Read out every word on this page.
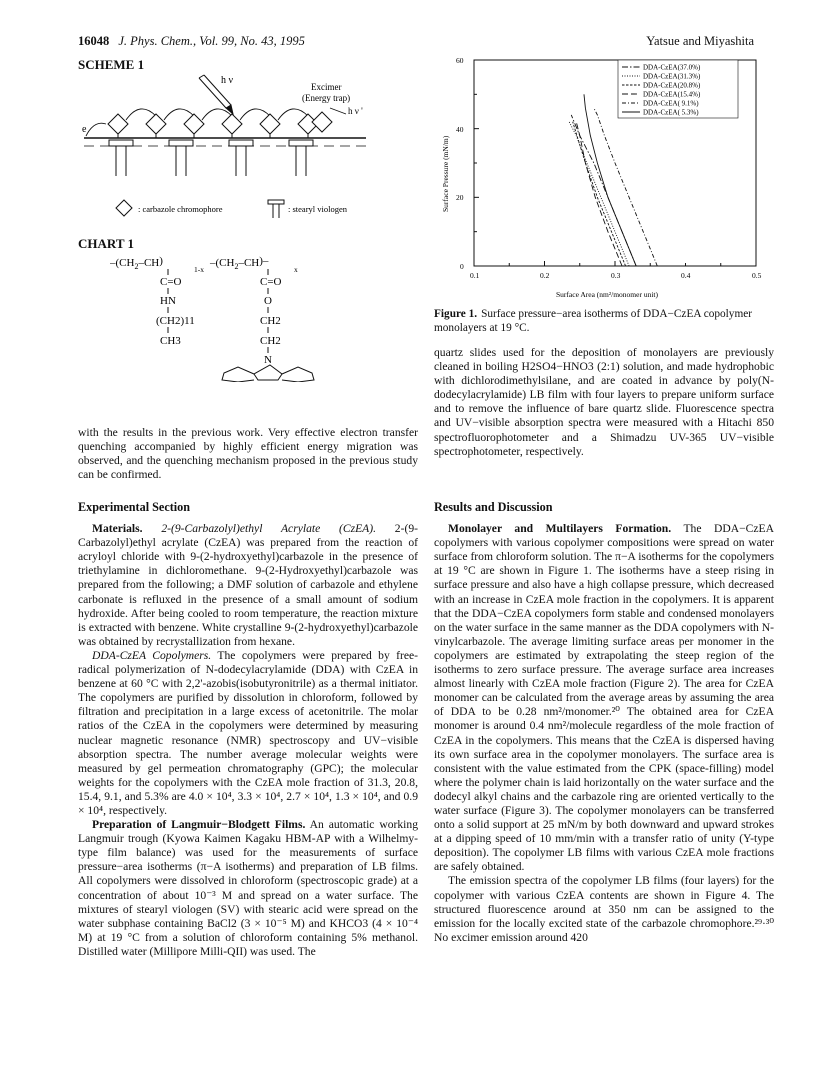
16048 J. Phys. Chem., Vol. 99, No. 43, 1995	Yatsue and Miyashita
SCHEME 1
h ν
Excimer
(Energy trap)
h ν '
e
: carbazole chromophore	: stearyl viologen
CHART 1
$-(CH_2-CH)$
1-x
$-(CH_2-CH)-$
x
C=O	C=O
HN	O
(CH2)11	CH2
CH3	CH2
N
0
20
40
60
0.1	0.2	0.3	0.4	0.5
Surface Area (nm²/monomer unit)
Surface Pressure (mN/m)
DDA-CzEA(37.0%)
DDA-CzEA(31.3%)
DDA-CzEA(20.8%)
DDA-CzEA(15.4%)
DDA-CzEA( 9.1%)
DDA-CzEA( 5.3%)
Figure 1. Surface pressure−area isotherms of DDA−CzEA copolymer monolayers at 19 °C.

quartz slides used for the deposition of monolayers are previously cleaned in boiling H2SO4−HNO3 (2:1) solution, and made hydrophobic with dichlorodimethylsilane, and are coated in advance by poly(N-dodecylacrylamide) LB film with four layers to prepare uniform surface and to remove the influence of bare quartz slide. Fluorescence spectra and UV−visible absorption spectra were measured with a Hitachi 850 spectrofluorophotometer and a Shimadzu UV-365 UV−visible spectrophotometer, respectively.

with the results in the previous work. Very effective electron transfer quenching accompanied by highly efficient energy migration was observed, and the quenching mechanism proposed in the previous study can be confirmed.

Experimental Section

Materials. 2-(9-Carbazolyl)ethyl Acrylate (CzEA). 2-(9-Carbazolyl)ethyl acrylate (CzEA) was prepared from the reaction of acryloyl chloride with 9-(2-hydroxyethyl)carbazole in the presence of triethylamine in dichloromethane. 9-(2-Hydroxyethyl)carbazole was prepared from the following; a DMF solution of carbazole and ethylene carbonate is refluxed in the presence of a small amount of sodium hydroxide. After being cooled to room temperature, the reaction mixture is extracted with benzene. White crystalline 9-(2-hydroxyethyl)carbazole was obtained by recrystallization from hexane.

DDA-CzEA Copolymers. The copolymers were prepared by free-radical polymerization of N-dodecylacrylamide (DDA) with CzEA in benzene at 60 °C with 2,2'-azobis(isobutyronitrile) as a thermal initiator. The copolymers are purified by dissolution in chloroform, followed by filtration and precipitation in a large excess of acetonitrile. The molar ratios of the CzEA in the copolymers were determined by measuring nuclear magnetic resonance (NMR) spectroscopy and UV−visible absorption spectra. The number average molecular weights were measured by gel permeation chromatography (GPC); the molecular weights for the copolymers with the CzEA mole fraction of 31.3, 20.8, 15.4, 9.1, and 5.3% are 4.0 × 10⁴, 3.3 × 10⁴, 2.7 × 10⁴, 1.3 × 10⁴, and 0.9 × 10⁴, respectively.

Preparation of Langmuir−Blodgett Films. An automatic working Langmuir trough (Kyowa Kaimen Kagaku HBM-AP with a Wilhelmy-type film balance) was used for the measurements of surface pressure−area isotherms (π−A isotherms) and preparation of LB films. All copolymers were dissolved in chloroform (spectroscopic grade) at a concentration of about 10⁻³ M and spread on a water surface. The mixtures of stearyl viologen (SV) with stearic acid were spread on the water subphase containing BaCl2 (3 × 10⁻⁵ M) and KHCO3 (4 × 10⁻⁴ M) at 19 °C from a solution of chloroform containing 5% methanol. Distilled water (Millipore Milli-QII) was used. The

Results and Discussion

Monolayer and Multilayers Formation. The DDA−CzEA copolymers with various copolymer compositions were spread on water surface from chloroform solution. The π−A isotherms for the copolymers at 19 °C are shown in Figure 1. The isotherms have a steep rising in surface pressure and also have a high collapse pressure, which decreased with an increase in CzEA mole fraction in the copolymers. It is apparent that the DDA−CzEA copolymers form stable and condensed monolayers on the water surface in the same manner as the DDA copolymers with N-vinylcarbazole. The average limiting surface areas per monomer in the copolymers are estimated by extrapolating the steep region of the isotherms to zero surface pressure. The average surface area increases almost linearly with CzEA mole fraction (Figure 2). The area for CzEA monomer can be calculated from the average areas by assuming the area of DDA to be 0.28 nm²/monomer.²⁰ The obtained area for CzEA monomer is around 0.4 nm²/molecule regardless of the mole fraction of CzEA in the copolymers. This means that the CzEA is dispersed having its own surface area in the copolymer monolayers. The surface area is consistent with the value estimated from the CPK (space-filling) model where the polymer chain is laid horizontally on the water surface and the dodecyl alkyl chains and the carbazole ring are oriented vertically to the water surface (Figure 3). The copolymer monolayers can be transferred onto a solid support at 25 mN/m by both downward and upward strokes at a dipping speed of 10 mm/min with a transfer ratio of unity (Y-type deposition). The copolymer LB films with various CzEA mole fractions are safely obtained.

The emission spectra of the copolymer LB films (four layers) for the copolymer with various CzEA contents are shown in Figure 4. The structured fluorescence around at 350 nm can be assigned to the emission for the locally excited state of the carbazole chromophore.²⁹·³⁰ No excimer emission around 420
